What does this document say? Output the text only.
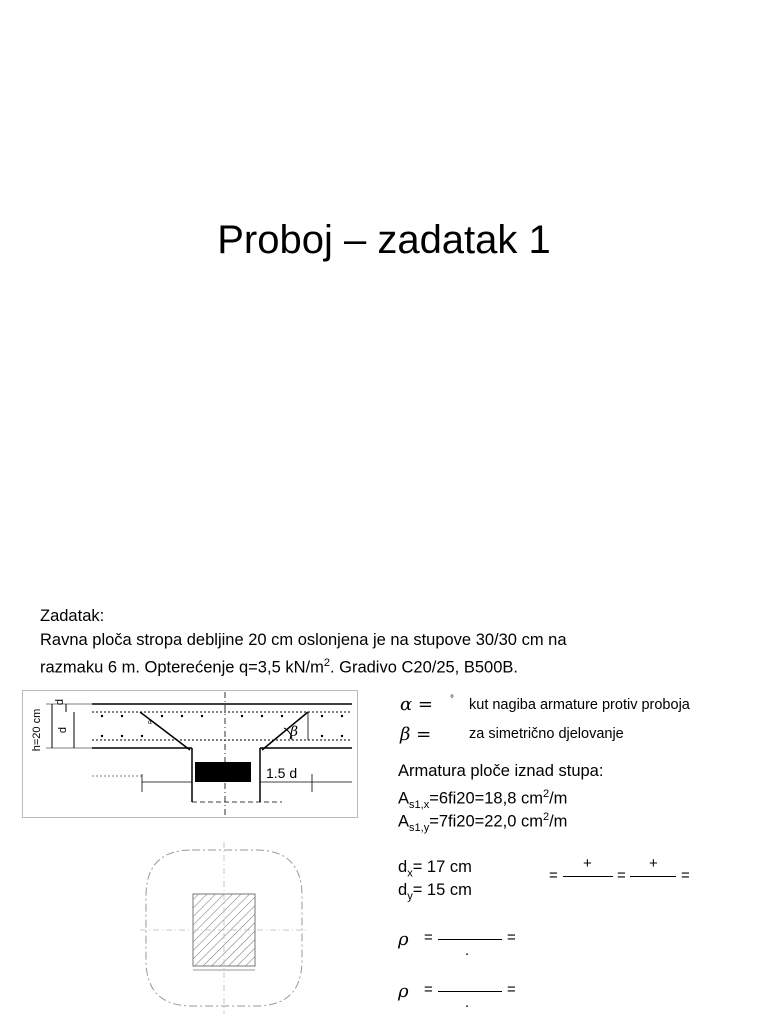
Proboj – zadatak 1
Zadatak:
Ravna ploča stropa debljine 20 cm oslonjena je na stupove 30/30 cm na
razmaku 6 m. Opterećenje q=3,5 $kN/m^2$. Gradivo C20/25, B500B.
h=20 cm
d
d	β
α
1.5 d
α = ° kut nagiba armature protiv proboja
β =	za simetrično djelovanje
Armatura ploče iznad stupa:
$A_{s1,x}=6fi20=18,8$ $cm^2/m$
$A_{s1,y}=7fi20=22,0$ $cm^2/m$
$d_x= 17$ cm
$d_y= 15$ cm
=
+
=
+
=
ρ =
.
=
ρ =
.
=
